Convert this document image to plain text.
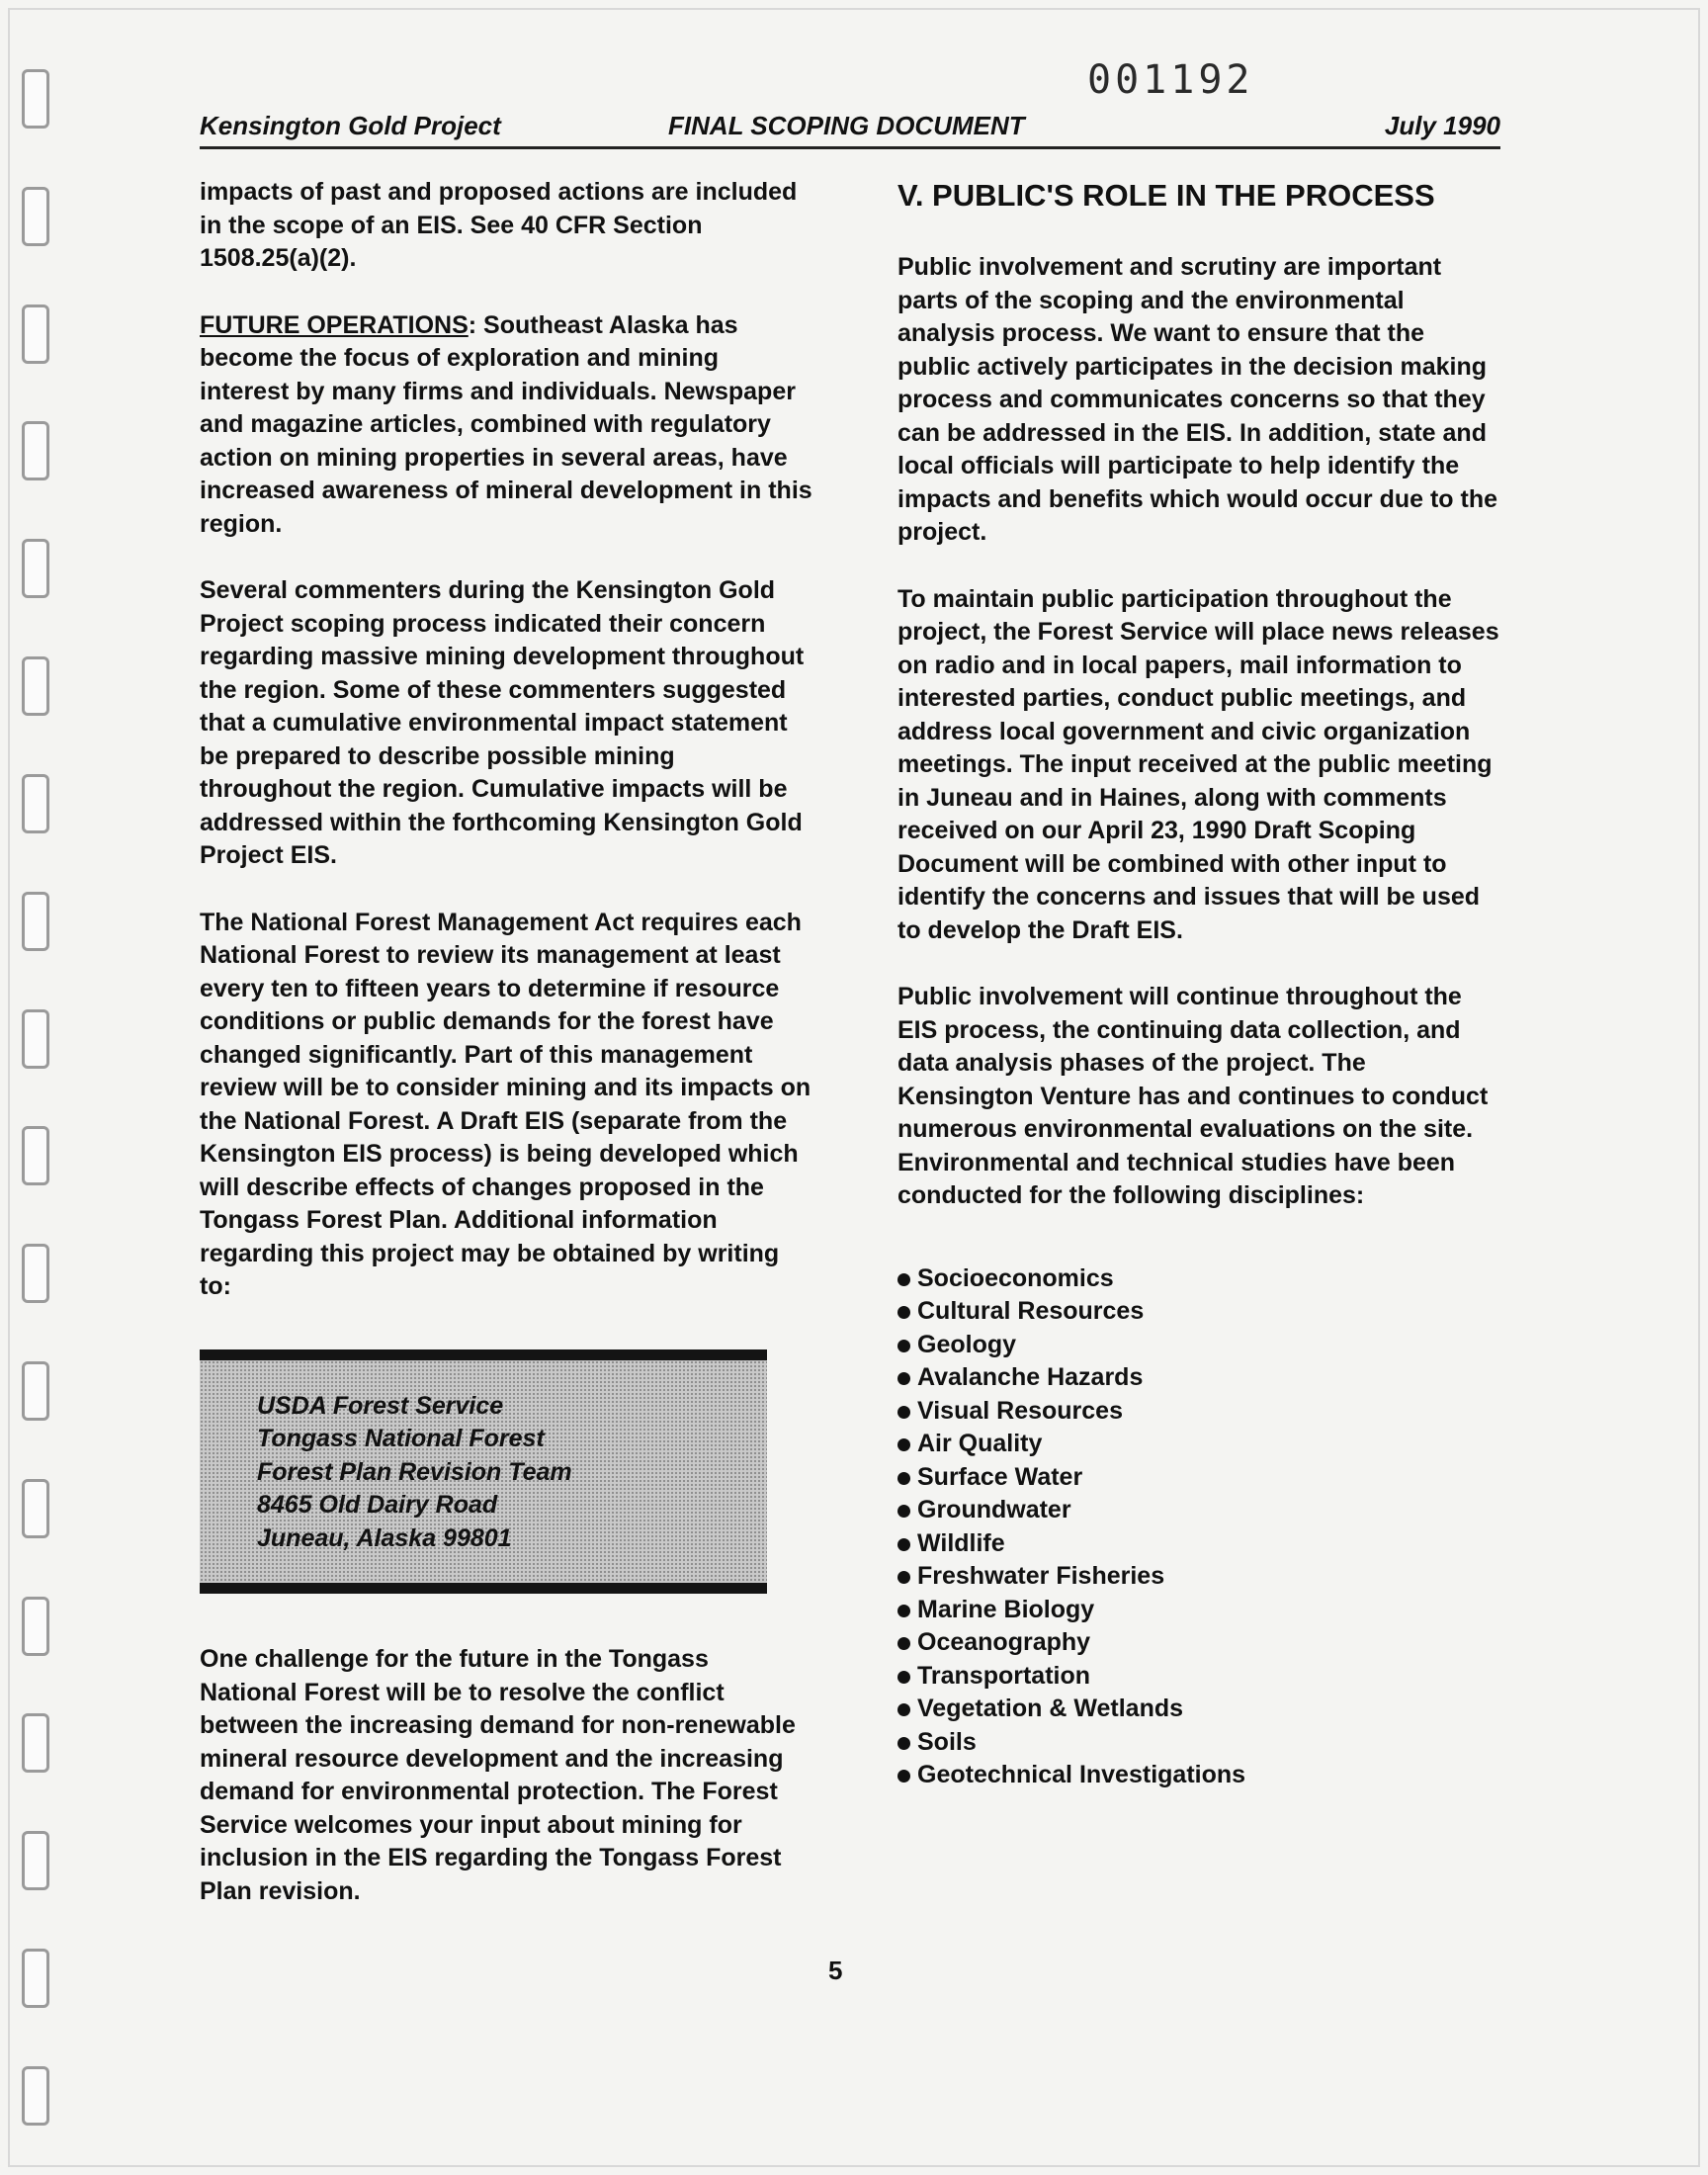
001192
Kensington Gold Project	FINAL SCOPING DOCUMENT	July 1990

impacts of past and proposed actions are included in the scope of an EIS. See 40 CFR Section 1508.25(a)(2).

FUTURE OPERATIONS: Southeast Alaska has become the focus of exploration and mining interest by many firms and individuals. Newspaper and magazine articles, combined with regulatory action on mining properties in several areas, have increased awareness of mineral development in this region.

Several commenters during the Kensington Gold Project scoping process indicated their concern regarding massive mining development throughout the region. Some of these commenters suggested that a cumulative environmental impact statement be prepared to describe possible mining throughout the region. Cumulative impacts will be addressed within the forthcoming Kensington Gold Project EIS.

The National Forest Management Act requires each National Forest to review its management at least every ten to fifteen years to determine if resource conditions or public demands for the forest have changed significantly. Part of this management review will be to consider mining and its impacts on the National Forest. A Draft EIS (separate from the Kensington EIS process) is being developed which will describe effects of changes proposed in the Tongass Forest Plan. Additional information regarding this project may be obtained by writing to:

USDA Forest Service
Tongass National Forest
Forest Plan Revision Team
8465 Old Dairy Road
Juneau, Alaska 99801

One challenge for the future in the Tongass National Forest will be to resolve the conflict between the increasing demand for non-renewable mineral resource development and the increasing demand for environmental protection. The Forest Service welcomes your input about mining for inclusion in the EIS regarding the Tongass Forest Plan revision.

V. PUBLIC'S ROLE IN THE PROCESS

Public involvement and scrutiny are important parts of the scoping and the environmental analysis process. We want to ensure that the public actively participates in the decision making process and communicates concerns so that they can be addressed in the EIS. In addition, state and local officials will participate to help identify the impacts and benefits which would occur due to the project.

To maintain public participation throughout the project, the Forest Service will place news releases on radio and in local papers, mail information to interested parties, conduct public meetings, and address local government and civic organization meetings. The input received at the public meeting in Juneau and in Haines, along with comments received on our April 23, 1990 Draft Scoping Document will be combined with other input to identify the concerns and issues that will be used to develop the Draft EIS.

Public involvement will continue throughout the EIS process, the continuing data collection, and data analysis phases of the project. The Kensington Venture has and continues to conduct numerous environmental evaluations on the site. Environmental and technical studies have been conducted for the following disciplines:

Socioeconomics
Cultural Resources
Geology
Avalanche Hazards
Visual Resources
Air Quality
Surface Water
Groundwater
Wildlife
Freshwater Fisheries
Marine Biology
Oceanography
Transportation
Vegetation & Wetlands
Soils
Geotechnical Investigations
5
